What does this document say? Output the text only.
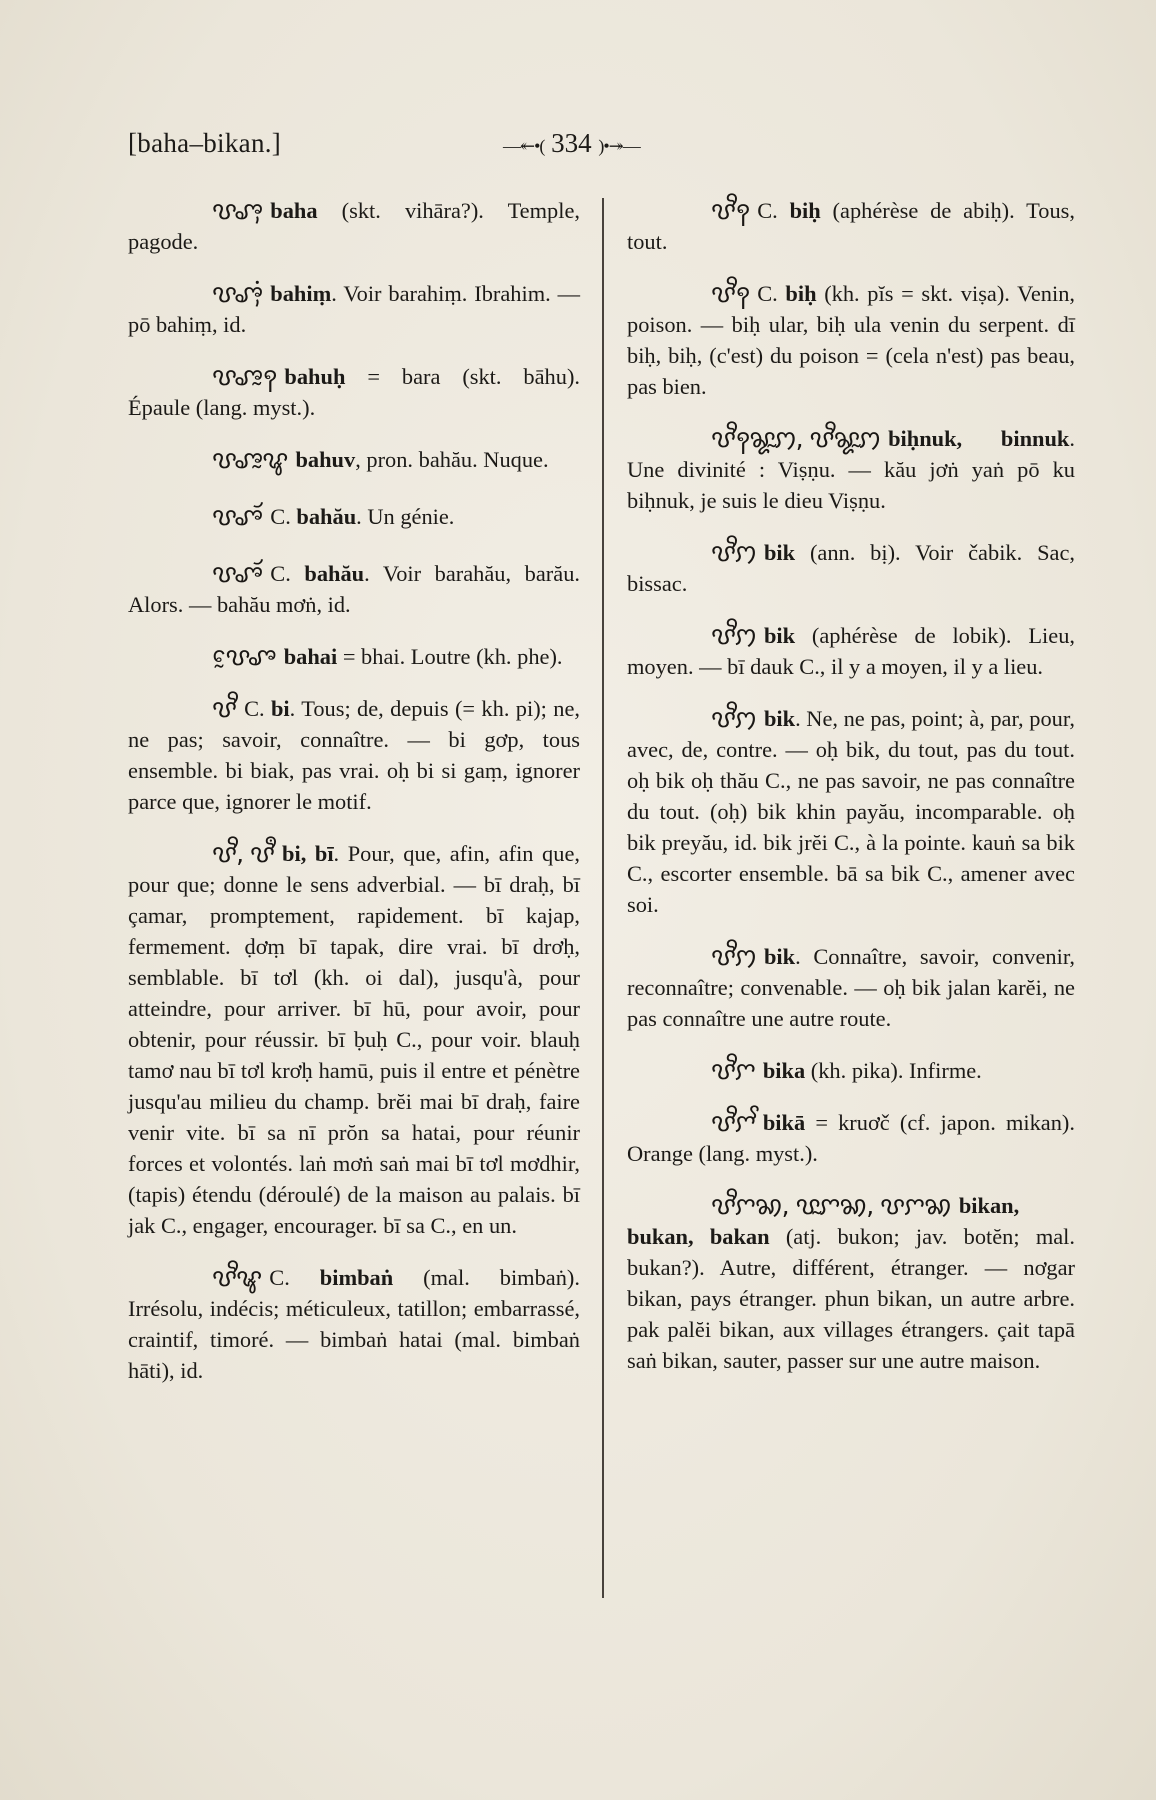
[baha–bikan.]	—↞•( 334 )•↠—

ꨝꨨꨲ baha (skt. vihāra?). Temple, pagode.

ꨝꨨꨲꩌ bahiṃ. Voir barahiṃ. Ibrahim. — pō bahiṃ, id.

ꨝꨨꨭꩍ bahuḥ = bara (skt. bāhu). Épaule (lang. myst.).

ꨝꨨꨭꨥ bahuv, pron. bahău. Nuque.

ꨝꨨꨮ C. bahău. Un génie.

ꨝꨨꨮ C. bahău. Voir barahău, barău. Alors. — bahău mơṅ, id.

ꨝꨰꨨ bahai = bhai. Loutre (kh. phe).

ꨝꨪ C. bi. Tous; de, depuis (= kh. pi); ne, ne pas; savoir, connaître. — bi gơp, tous ensemble. bi biak, pas vrai. oḥ bi si gaṃ, ignorer parce que, ignorer le motif.

ꨝꨪ, ꨝꨫ bi, bī. Pour, que, afin, afin que, pour que; donne le sens adverbial. — bī draḥ, bī çamar, promptement, rapidement. bī kajap, fermement. ḍơṃ bī tapak, dire vrai. bī drơḥ, semblable. bī tơl (kh. oi dal), jusqu'à, pour atteindre, pour arriver. bī hū, pour avoir, pour obtenir, pour réussir. bī ḅuḥ C., pour voir. blauḥ tamơ nau bī tơl krơḥ hamū, puis il entre et pénètre jusqu'au milieu du champ. brĕi mai bī draḥ, faire venir vite. bī sa nī prŏn sa hatai, pour réunir forces et volontés. laṅ mơṅ saṅ mai bī tơl mơdhir, (tapis) étendu (déroulé) de la maison au palais. bī jak C., engager, encourager. bī sa C., en un.

ꨝꨪꨡ C. bimbaṅ (mal. bimbaṅ). Irrésolu, indécis; méticuleux, tatillon; embarrassé, craintif, timoré. — bimbaṅ hatai (mal. bimbaṅ hāti), id.

ꨝꨪꩍ C. biḥ (aphérèse de abiḥ). Tous, tout.

ꨝꨪꩍ C. biḥ (kh. pĭs = skt. viṣa). Venin, poison. — biḥ ular, biḥ ula venin du serpent. dī biḥ, biḥ, (c'est) du poison = (cela n'est) pas beau, pas bien.

ꨝꨪꩍꨘꨭꩀ, ꨝꨪꨘꨭꩀ biḥnuk, binnuk. Une divinité : Viṣṇu. — kău jơṅ yaṅ pō ku biḥnuk, je suis le dieu Viṣṇu.

ꨝꨪꩀ bik (ann. bị). Voir čabik. Sac, bissac.

ꨝꨪꩀ bik (aphérèse de lobik). Lieu, moyen. — bī dauk C., il y a moyen, il y a lieu.

ꨝꨪꩀ bik. Ne, ne pas, point; à, par, pour, avec, de, contre. — oḥ bik, du tout, pas du tout. oḥ bik oḥ thău C., ne pas savoir, ne pas connaître du tout. (oḥ) bik khin payău, incomparable. oḥ bik preyău, id. bik jrĕi C., à la pointe. kauṅ sa bik C., escorter ensemble. bā sa bik C., amener avec soi.

ꨝꨪꩀ bik. Connaître, savoir, convenir, reconnaître; convenable. — oḥ bik jalan karĕi, ne pas connaître une autre route.

ꨝꨪꨆ bika (kh. pika). Infirme.

ꨝꨪꨆꨩ bikā = kruơč (cf. japon. mikan). Orange (lang. myst.).

ꨝꨪꨆꩆ, ꨝꨭꨆꩆ, ꨝꨆꩆ bikan, bukan, bakan (atj. bukon; jav. botĕn; mal. bukan?). Autre, différent, étranger. — nơgar bikan, pays étranger. phun bikan, un autre arbre. pak palĕi bikan, aux villages étrangers. çait tapā saṅ bikan, sauter, passer sur une autre maison.
